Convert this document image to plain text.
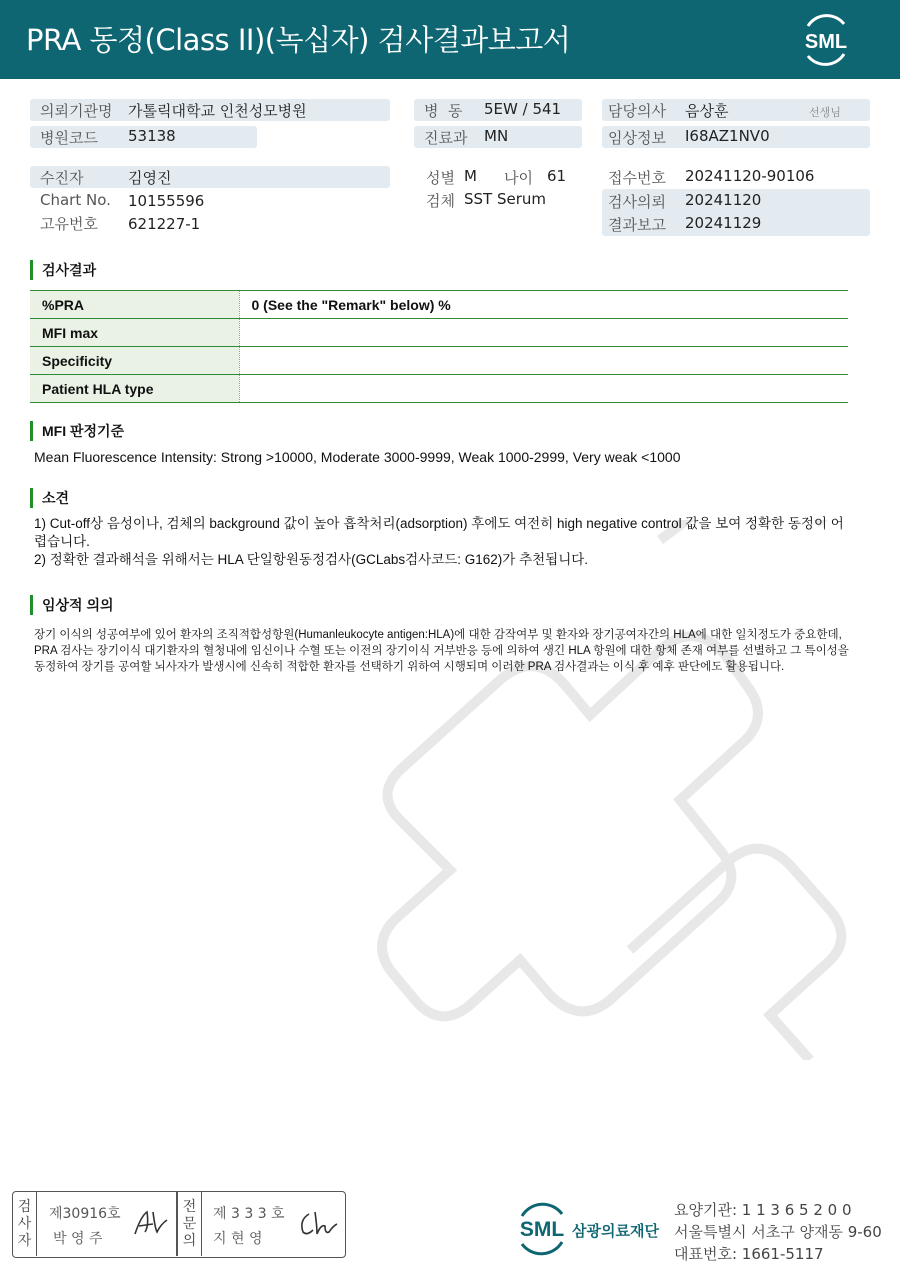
PRA 동정(Class II)(녹십자) 검사결과보고서	SML
의뢰기관명 가톨릭대학교 인천성모병원
병원코드 53138
병  동 5EW / 541
진료과 MN
담당의사 음상훈	선생님
임상정보 I68AZ1NV0
수진자	김영진
Chart No. 10155596
고유번호 621227-1
성별 M 나이 61
검체 SST Serum
접수번호 20241120-90106
검사의뢰 20241120
결과보고 20241129
검사결과
%PRA	0 (See the "Remark" below) %
MFI max	
Specificity	
Patient HLA type	
MFI 판정기준
Mean Fluorescence Intensity: Strong >10000, Moderate 3000-9999, Weak 1000-2999, Very weak <1000
소견
1) Cut-off상 음성이나, 검체의 background 값이 높아 흡착처리(adsorption) 후에도 여전히 high negative control 값을 보여 정확한 동정이 어렵습니다.
2) 정확한 결과해석을 위해서는 HLA 단일항원동정검사(GCLabs검사코드: G162)가 추천됩니다.
임상적 의의
장기 이식의 성공여부에 있어 환자의 조직적합성항원(Humanleukocyte antigen:HLA)에 대한 감작여부 및 환자와 장기공여자간의 HLA에 대한 일치정도가 중요한데, PRA 검사는 장기이식 대기환자의 혈청내에 임신이나 수혈 또는 이전의 장기이식 거부반응 등에 의하여 생긴 HLA 항원에 대한 항체 존재 여부를 선별하고 그 특이성을 동정하여 장기를 공여할 뇌사자가 발생시에 신속히 적합한 환자를 선택하기 위하여 시행되며 이러한 PRA 검사결과는 이식 후 예후 판단에도 활용됩니다.
검
사
자
제30916호
박 영 주
전
문
의
제 3 3 3 호
지 현 영	SML 삼광의료재단
요양기관: 1 1 3 6 5 2 0 0
서울특별시 서초구 양재동 9-60
대표번호: 1661-5117
